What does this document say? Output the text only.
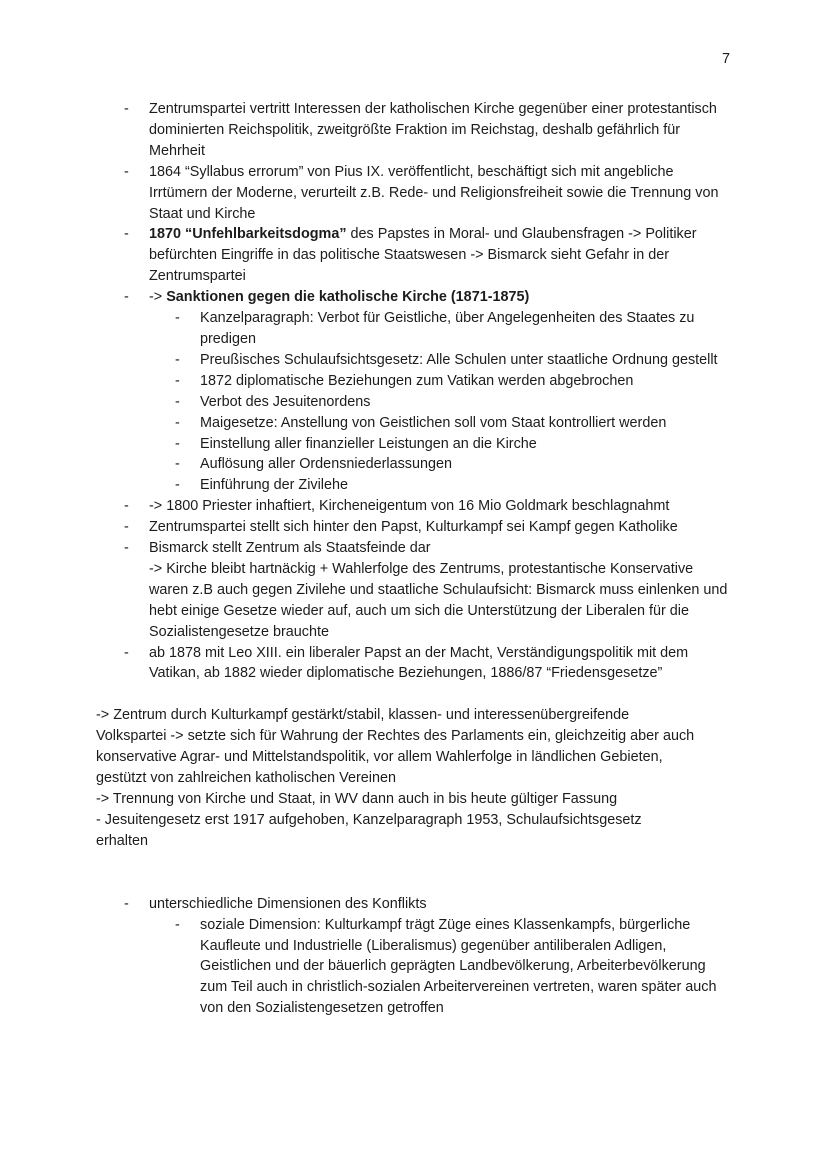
7
- Zentrumspartei vertritt Interessen der katholischen Kirche gegenüber einer protestantisch dominierten Reichspolitik, zweitgrößte Fraktion im Reichstag, deshalb gefährlich für Mehrheit
- 1864 “Syllabus errorum” von Pius IX. veröffentlicht, beschäftigt sich mit angebliche Irrtümern der Moderne, verurteilt z.B. Rede- und Religionsfreiheit sowie die Trennung von Staat und Kirche
- 1870 “Unfehlbarkeitsdogma” des Papstes in Moral- und Glaubensfragen -> Politiker befürchten Eingriffe in das politische Staatswesen -> Bismarck sieht Gefahr in der Zentrumspartei
- -> Sanktionen gegen die katholische Kirche (1871-1875)
- Kanzelparagraph: Verbot für Geistliche, über Angelegenheiten des Staates zu predigen
- Preußisches Schulaufsichtsgesetz: Alle Schulen unter staatliche Ordnung gestellt
- 1872 diplomatische Beziehungen zum Vatikan werden abgebrochen
- Verbot des Jesuitenordens
- Maigesetze: Anstellung von Geistlichen soll vom Staat kontrolliert werden
- Einstellung aller finanzieller Leistungen an die Kirche
- Auflösung aller Ordensniederlassungen
- Einführung der Zivilehe
- -> 1800 Priester inhaftiert, Kircheneigentum von 16 Mio Goldmark beschlagnahmt
- Zentrumspartei stellt sich hinter den Papst, Kulturkampf sei Kampf gegen Katholike
- Bismarck stellt Zentrum als Staatsfeinde dar
-> Kirche bleibt hartnäckig + Wahlerfolge des Zentrums, protestantische Konservative waren z.B auch gegen Zivilehe und staatliche Schulaufsicht: Bismarck muss einlenken und hebt einige Gesetze wieder auf, auch um sich die Unterstützung der Liberalen für die Sozialistengesetze brauchte
- ab 1878 mit Leo XIII. ein liberaler Papst an der Macht, Verständigungspolitik mit dem Vatikan, ab 1882 wieder diplomatische Beziehungen, 1886/87 “Friedensgesetze”
-> Zentrum durch Kulturkampf gestärkt/stabil, klassen- und interessenübergreifende Volkspartei -> setzte sich für Wahrung der Rechtes des Parlaments ein, gleichzeitig aber auch konservative Agrar- und Mittelstandspolitik, vor allem Wahlerfolge in ländlichen Gebieten, gestützt von zahlreichen katholischen Vereinen
-> Trennung von Kirche und Staat, in WV dann auch in bis heute gültiger Fassung
- Jesuitengesetz erst 1917 aufgehoben, Kanzelparagraph 1953, Schulaufsichtsgesetz erhalten
- unterschiedliche Dimensionen des Konflikts
- soziale Dimension: Kulturkampf trägt Züge eines Klassenkampfs, bürgerliche Kaufleute und Industrielle (Liberalismus) gegenüber antiliberalen Adligen, Geistlichen und der bäuerlich geprägten Landbevölkerung, Arbeiterbevölkerung zum Teil auch in christlich-sozialen Arbeitervereinen vertreten, waren später auch von den Sozialistengesetzen getroffen
